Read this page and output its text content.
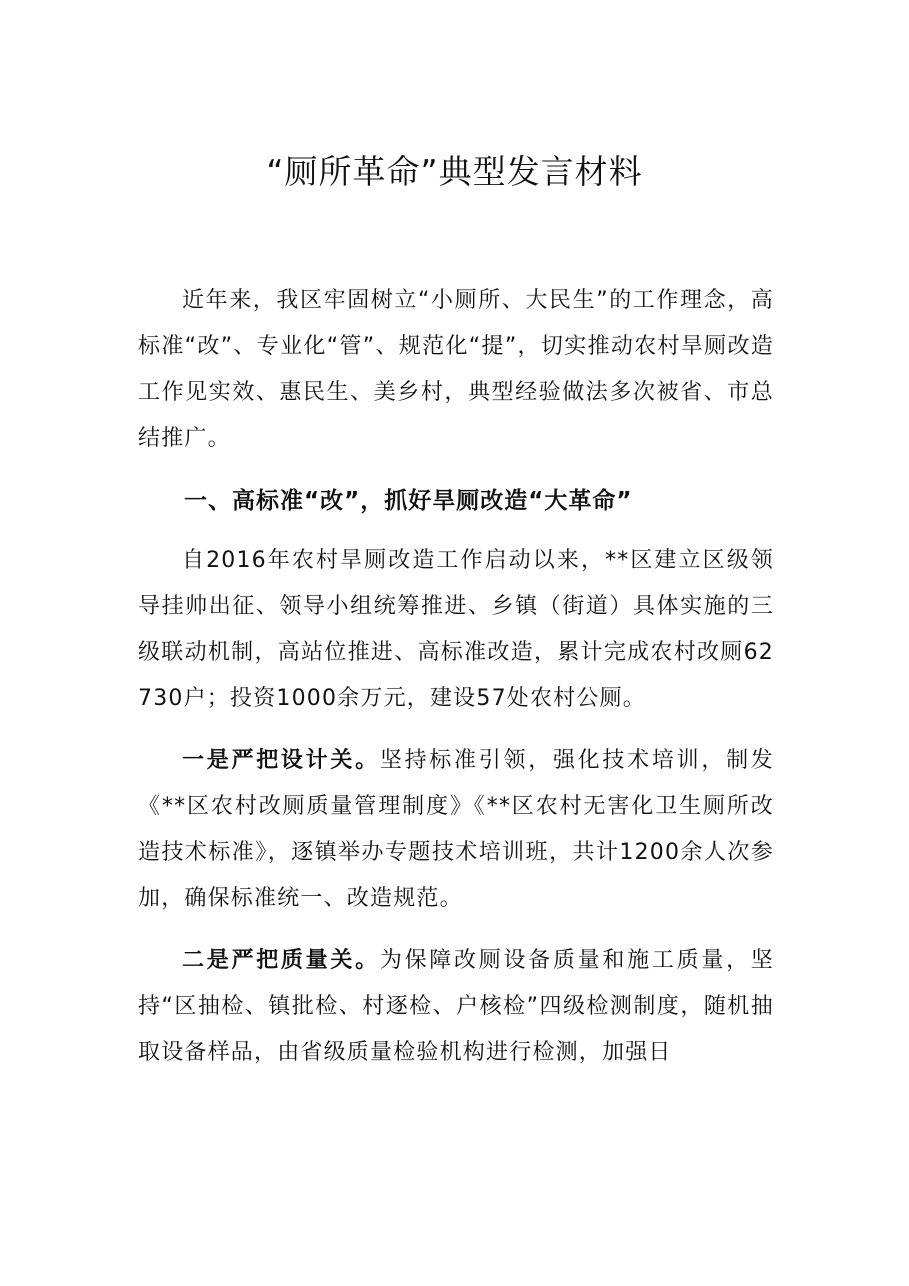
“厕所革命”典型发言材料

近年来，我区牢固树立“小厕所、大民生”的工作理念，高标准“改”、专业化“管”、规范化“提”，切实推动农村旱厕改造工作见实效、惠民生、美乡村，典型经验做法多次被省、市总结推广。

一、高标准“改”，抓好旱厕改造“大革命”

自2016年农村旱厕改造工作启动以来，**区建立区级领导挂帅出征、领导小组统筹推进、乡镇（街道）具体实施的三级联动机制，高站位推进、高标准改造，累计完成农村改厕62730户；投资1000余万元，建设57处农村公厕。

一是严把设计关。坚持标准引领，强化技术培训，制发《**区农村改厕质量管理制度》《**区农村无害化卫生厕所改造技术标准》，逐镇举办专题技术培训班，共计1200余人次参加，确保标准统一、改造规范。

二是严把质量关。为保障改厕设备质量和施工质量，坚持“区抽检、镇批检、村逐检、户核检”四级检测制度，随机抽取设备样品，由省级质量检验机构进行检测，加强日
